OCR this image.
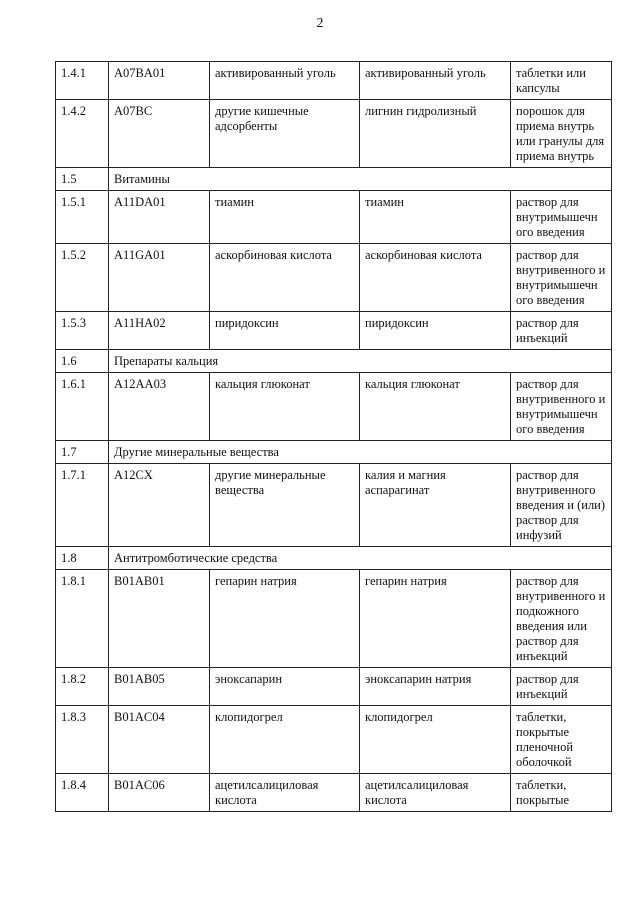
2
1.4.1	A07BA01	активированный уголь	активированный уголь	таблетки или капсулы
1.4.2	A07BC	другие кишечные адсорбенты	лигнин гидролизный	порошок для приема внутрь или гранулы для приема внутрь
1.5	Витамины			
1.5.1	A11DA01	тиамин	тиамин	раствор для внутримышечн ого введения
1.5.2	A11GA01	аскорбиновая кислота	аскорбиновая кислота	раствор для внутривенного и внутримышечн ого введения
1.5.3	A11HA02	пиридоксин	пиридоксин	раствор для инъекций
1.6	Препараты кальция			
1.6.1	A12AA03	кальция глюконат	кальция глюконат	раствор для внутривенного и внутримышечн ого введения
1.7	Другие минеральные вещества			
1.7.1	A12CX	другие минеральные вещества	калия и магния аспарагинат	раствор для внутривенного введения и (или) раствор для инфузий
1.8	Антитромботические средства			
1.8.1	B01AB01	гепарин натрия	гепарин натрия	раствор для внутривенного и подкожного введения или раствор для инъекций
1.8.2	B01AB05	эноксапарин	эноксапарин натрия	раствор для инъекций
1.8.3	B01AC04	клопидогрел	клопидогрел	таблетки, покрытые пленочной оболочкой
1.8.4	B01AC06	ацетилсалициловая кислота	ацетилсалициловая кислота	таблетки, покрытые
